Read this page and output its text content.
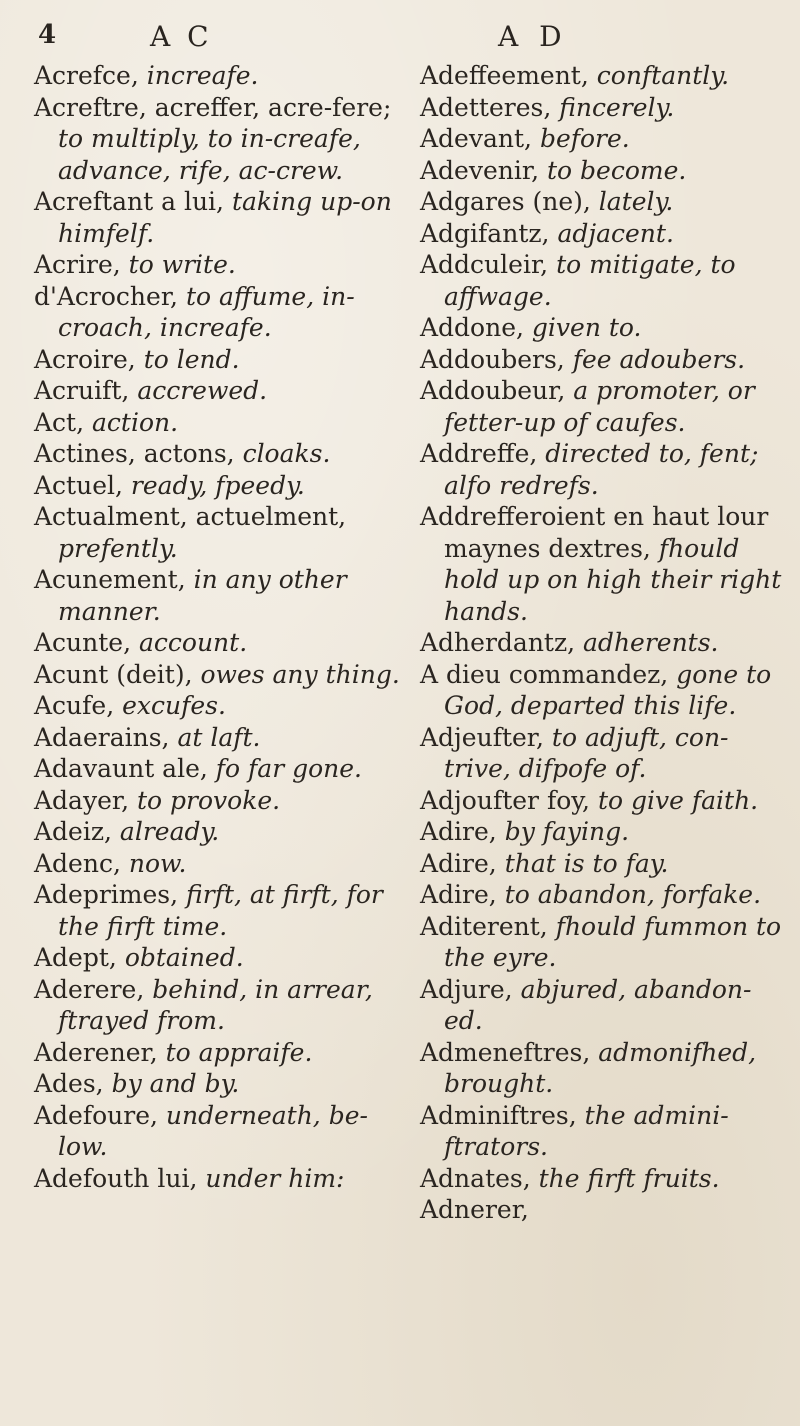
4	A C	A D

Acrefce, increafe.

Acreftre, acreffer, acre-fere; to multiply, to in-creafe, advance, rife, ac-crew.

Acreftant a lui, taking up-on himfelf.

Acrire, to write.

d'Acrocher, to affume, in-croach, increafe.

Acroire, to lend.

Acruift, accrewed.

Act, action.

Actines, actons, cloaks.

Actuel, ready, fpeedy.

Actualment, actuelment, prefently.

Acunement, in any other manner.

Acunte, account.

Acunt (deit), owes any thing.

Acufe, excufes.

Adaerains, at laft.

Adavaunt ale, fo far gone.

Adayer, to provoke.

Adeiz, already.

Adenc, now.

Adeprimes, firft, at firft, for the firft time.

Adept, obtained.

Aderere, behind, in arrear, ftrayed from.

Aderener, to appraife.

Ades, by and by.

Adefoure, underneath, be-low.

Adefouth lui, under him:

Adeffeement, conftantly.

Adetteres, fincerely.

Adevant, before.

Adevenir, to become.

Adgares (ne), lately.

Adgifantz, adjacent.

Addculeir, to mitigate, to affwage.

Addone, given to.

Addoubers, fee adoubers.

Addoubeur, a promoter, or fetter-up of caufes.

Addreffe, directed to, fent; alfo redrefs.

Addrefferoient en haut lour maynes dextres, fhould hold up on high their right hands.

Adherdantz, adherents.

A dieu commandez, gone to God, departed this life.

Adjeufter, to adjuft, con-trive, difpofe of.

Adjoufter foy, to give faith.

Adire, by faying.

Adire, that is to fay.

Adire, to abandon, forfake.

Aditerent, fhould fummon to the eyre.

Adjure, abjured, abandon-ed.

Admeneftres, admonifhed, brought.

Adminiftres, the admini-ftrators.

Adnates, the firft fruits.

Adnerer,
